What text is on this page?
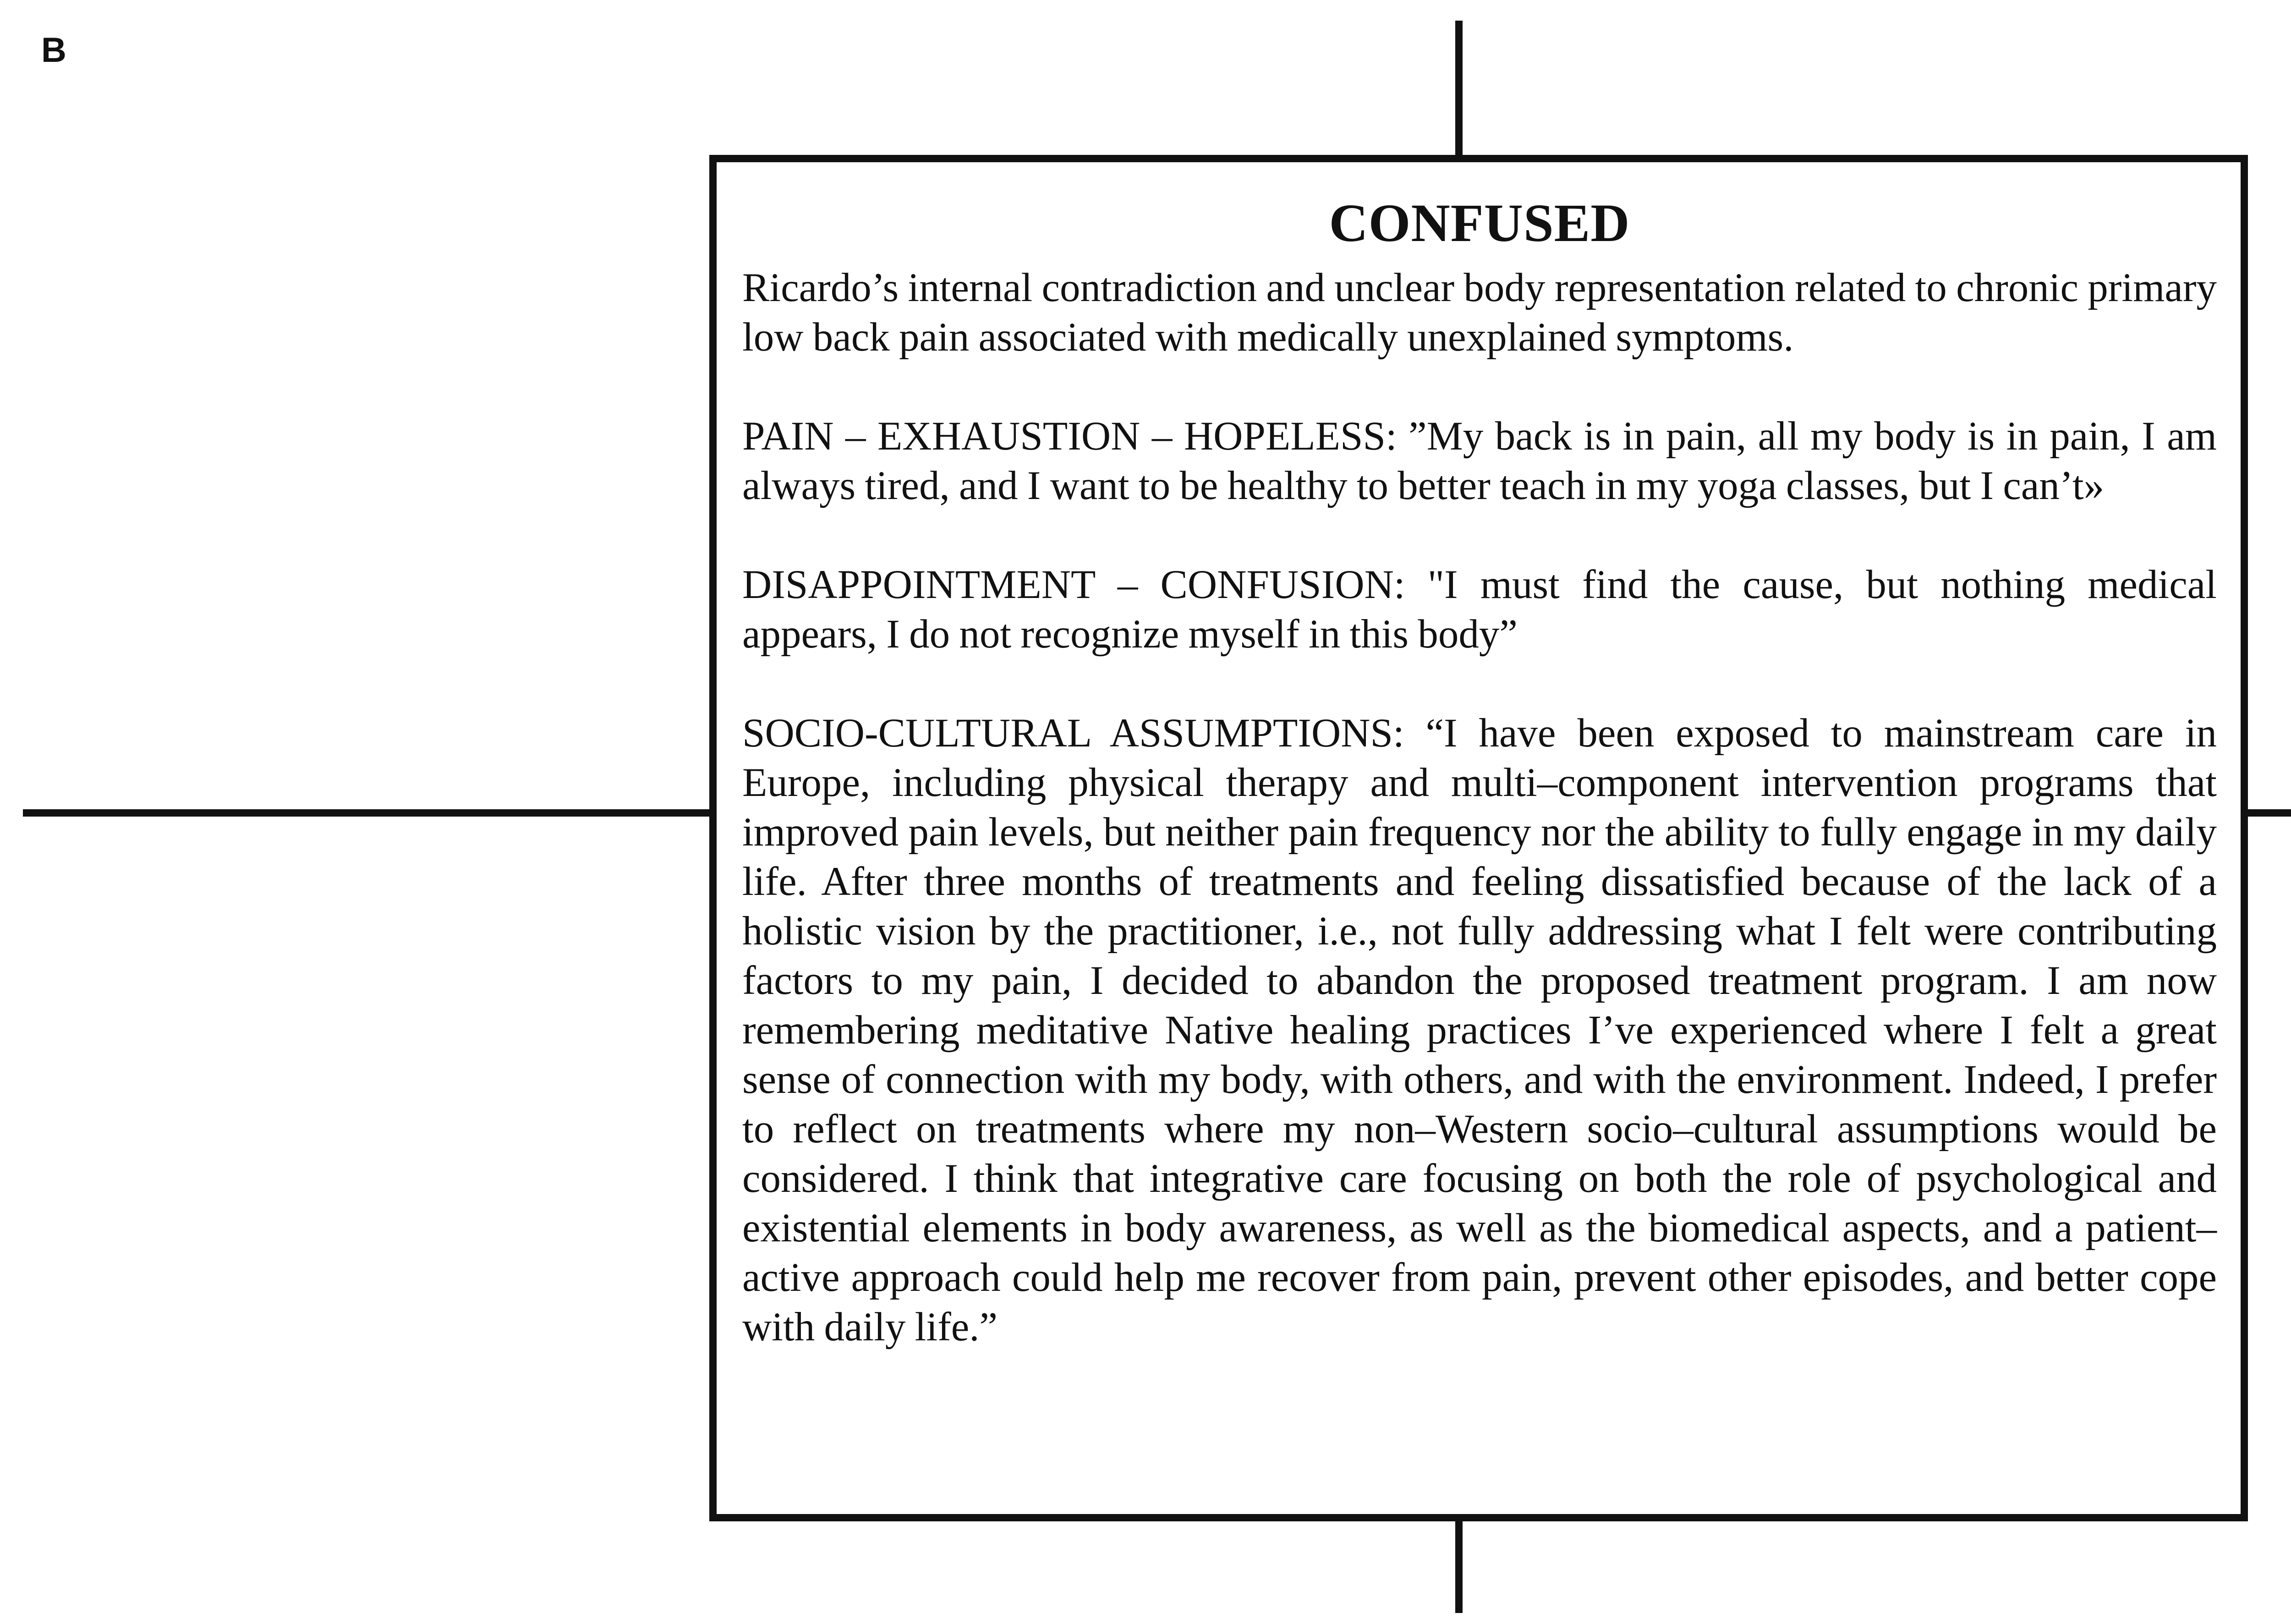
B
CONFUSED

Ricardo’s internal contradiction and unclear body representation related to chronic primary low back pain associated with medically unexplained symptoms.

PAIN – EXHAUSTION – HOPELESS: ”My back is in pain, all my body is in pain, I am always tired, and I want to be healthy to better teach in my yoga classes, but I can’t»

DISAPPOINTMENT – CONFUSION: "I must find the cause, but nothing medical appears, I do not recognize myself in this body”

SOCIO-CULTURAL ASSUMPTIONS: “I have been exposed to mainstream care in Europe, including physical therapy and multi–component intervention programs that improved pain levels, but neither pain frequency nor the ability to fully engage in my daily life. After three months of treatments and feeling dissatisfied because of the lack of a holistic vision by the practitioner, i.e., not fully addressing what I felt were contributing factors to my pain, I decided to abandon the proposed treatment program. I am now remembering meditative Native healing practices I’ve experienced where I felt a great sense of connection with my body, with others, and with the environment. Indeed, I prefer to reflect on treatments where my non–Western socio–cultural assumptions would be considered. I think that integrative care focusing on both the role of psychological and existential elements in body awareness, as well as the biomedical aspects, and a patient–active approach could help me recover from pain, prevent other episodes, and better cope with daily life.”
